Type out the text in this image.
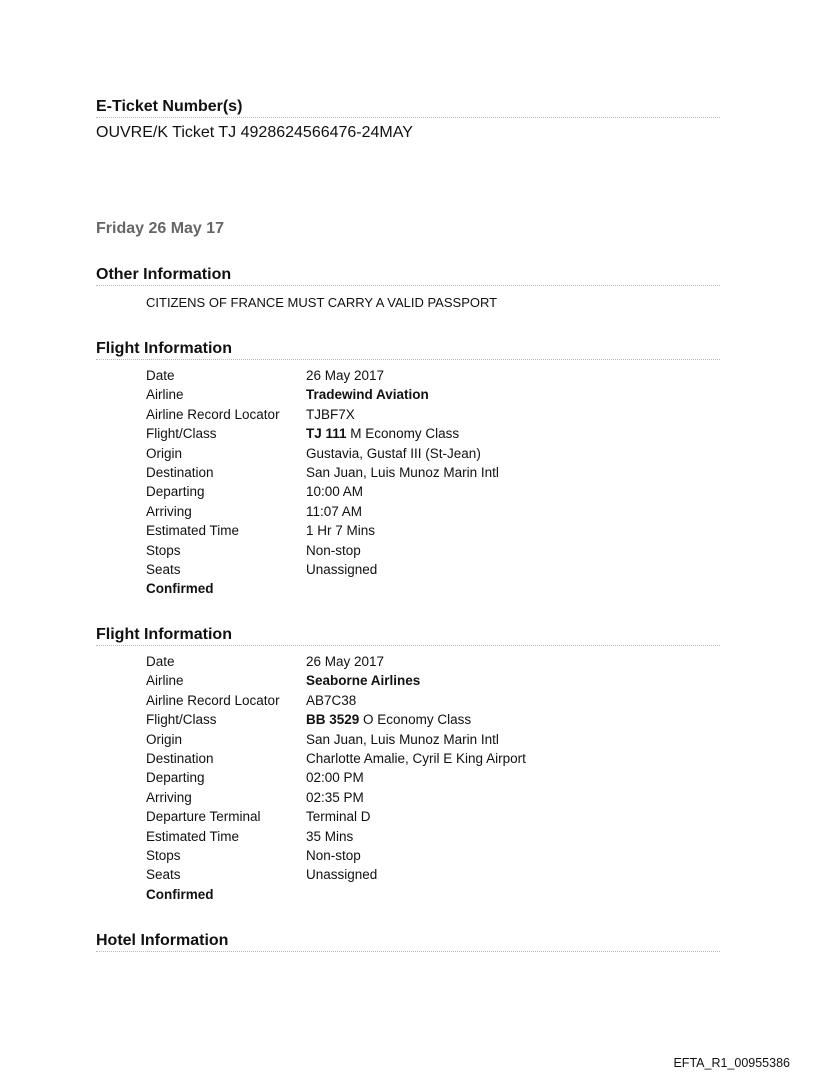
E-Ticket Number(s)
OUVRE/K Ticket TJ 4928624566476-24MAY
Friday 26 May 17
Other Information
CITIZENS OF FRANCE MUST CARRY A VALID PASSPORT
Flight Information
Date	26 May 2017
Airline	Tradewind Aviation
Airline Record Locator TJBF7X
Flight/Class	TJ 111 M Economy Class
Origin	Gustavia, Gustaf III (St-Jean)
Destination	San Juan, Luis Munoz Marin Intl
Departing	10:00 AM
Arriving	11:07 AM
Estimated Time	1 Hr 7 Mins
Stops	Non-stop
Seats	Unassigned
Confirmed
Flight Information
Date	26 May 2017
Airline	Seaborne Airlines
Airline Record Locator AB7C38
Flight/Class	BB 3529 O Economy Class
Origin	San Juan, Luis Munoz Marin Intl
Destination	Charlotte Amalie, Cyril E King Airport
Departing	02:00 PM
Arriving	02:35 PM
Departure Terminal	Terminal D
Estimated Time	35 Mins
Stops	Non-stop
Seats	Unassigned
Confirmed
Hotel Information
EFTA_R1_00955386
